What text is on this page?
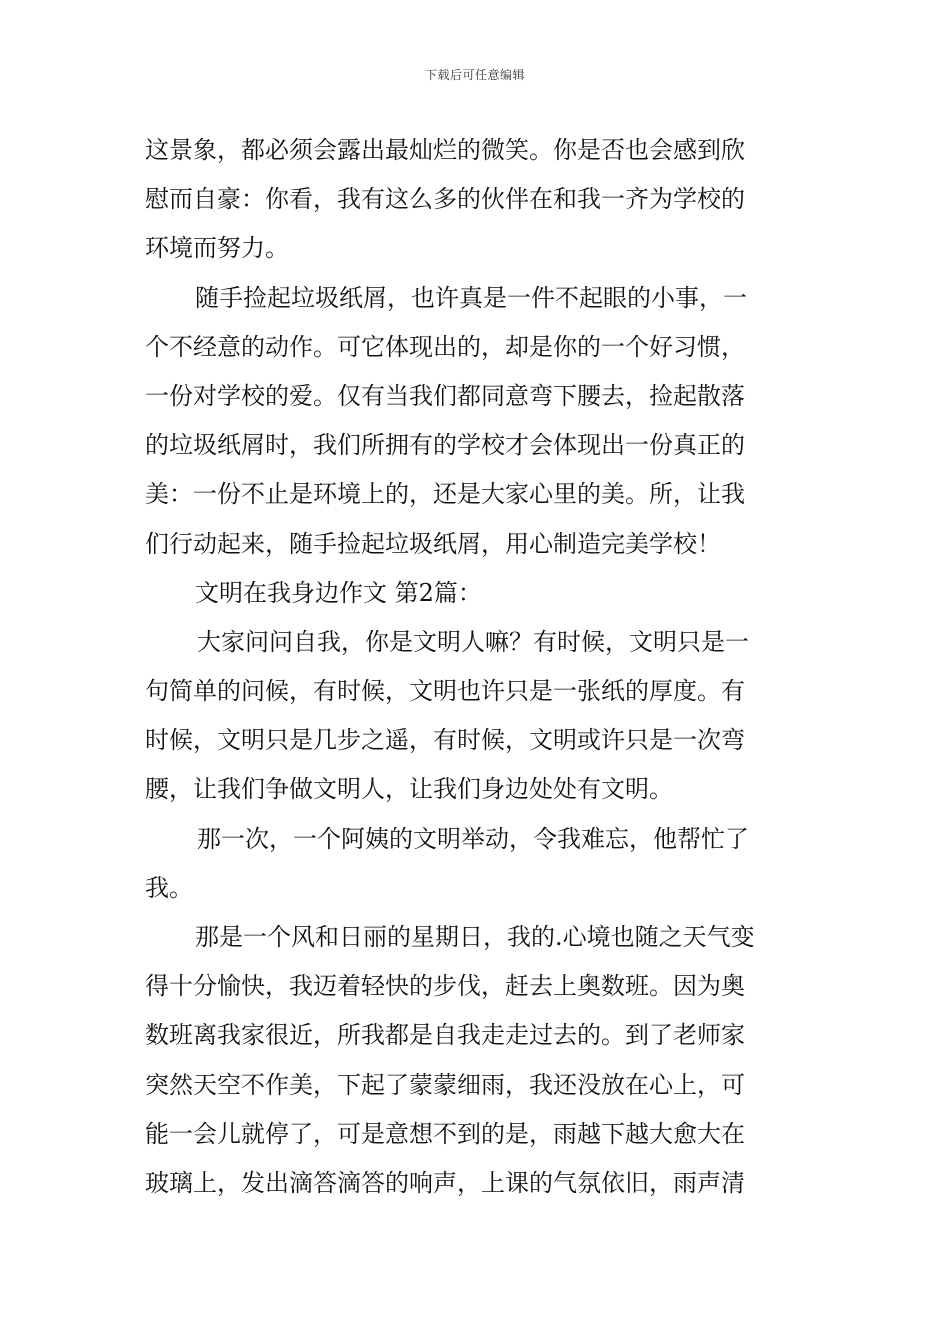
下载后可任意编辑
这景象，都必须会露出最灿烂的微笑。你是否也会感到欣
慰而自豪：你看，我有这么多的伙伴在和我一齐为学校的
环境而努力。
随手捡起垃圾纸屑，也许真是一件不起眼的小事，一
个不经意的动作。可它体现出的，却是你的一个好习惯，
一份对学校的爱。仅有当我们都同意弯下腰去，捡起散落
的垃圾纸屑时，我们所拥有的学校才会体现出一份真正的
美：一份不止是环境上的，还是大家心里的美。所，让我
们行动起来，随手捡起垃圾纸屑，用心制造完美学校！
文明在我身边作文 第2篇：
大家问问自我，你是文明人嘛？有时候，文明只是一
句简单的问候，有时候，文明也许只是一张纸的厚度。有
时候，文明只是几步之遥，有时候，文明或许只是一次弯
腰，让我们争做文明人，让我们身边处处有文明。
那一次，一个阿姨的文明举动，令我难忘，他帮忙了
我。
那是一个风和日丽的星期日，我的.心境也随之天气变
得十分愉快，我迈着轻快的步伐，赶去上奥数班。因为奥
数班离我家很近，所我都是自我走走过去的。到了老师家
突然天空不作美，下起了蒙蒙细雨，我还没放在心上，可
能一会儿就停了，可是意想不到的是，雨越下越大愈大在
玻璃上，发出滴答滴答的响声，上课的气氛依旧，雨声清
